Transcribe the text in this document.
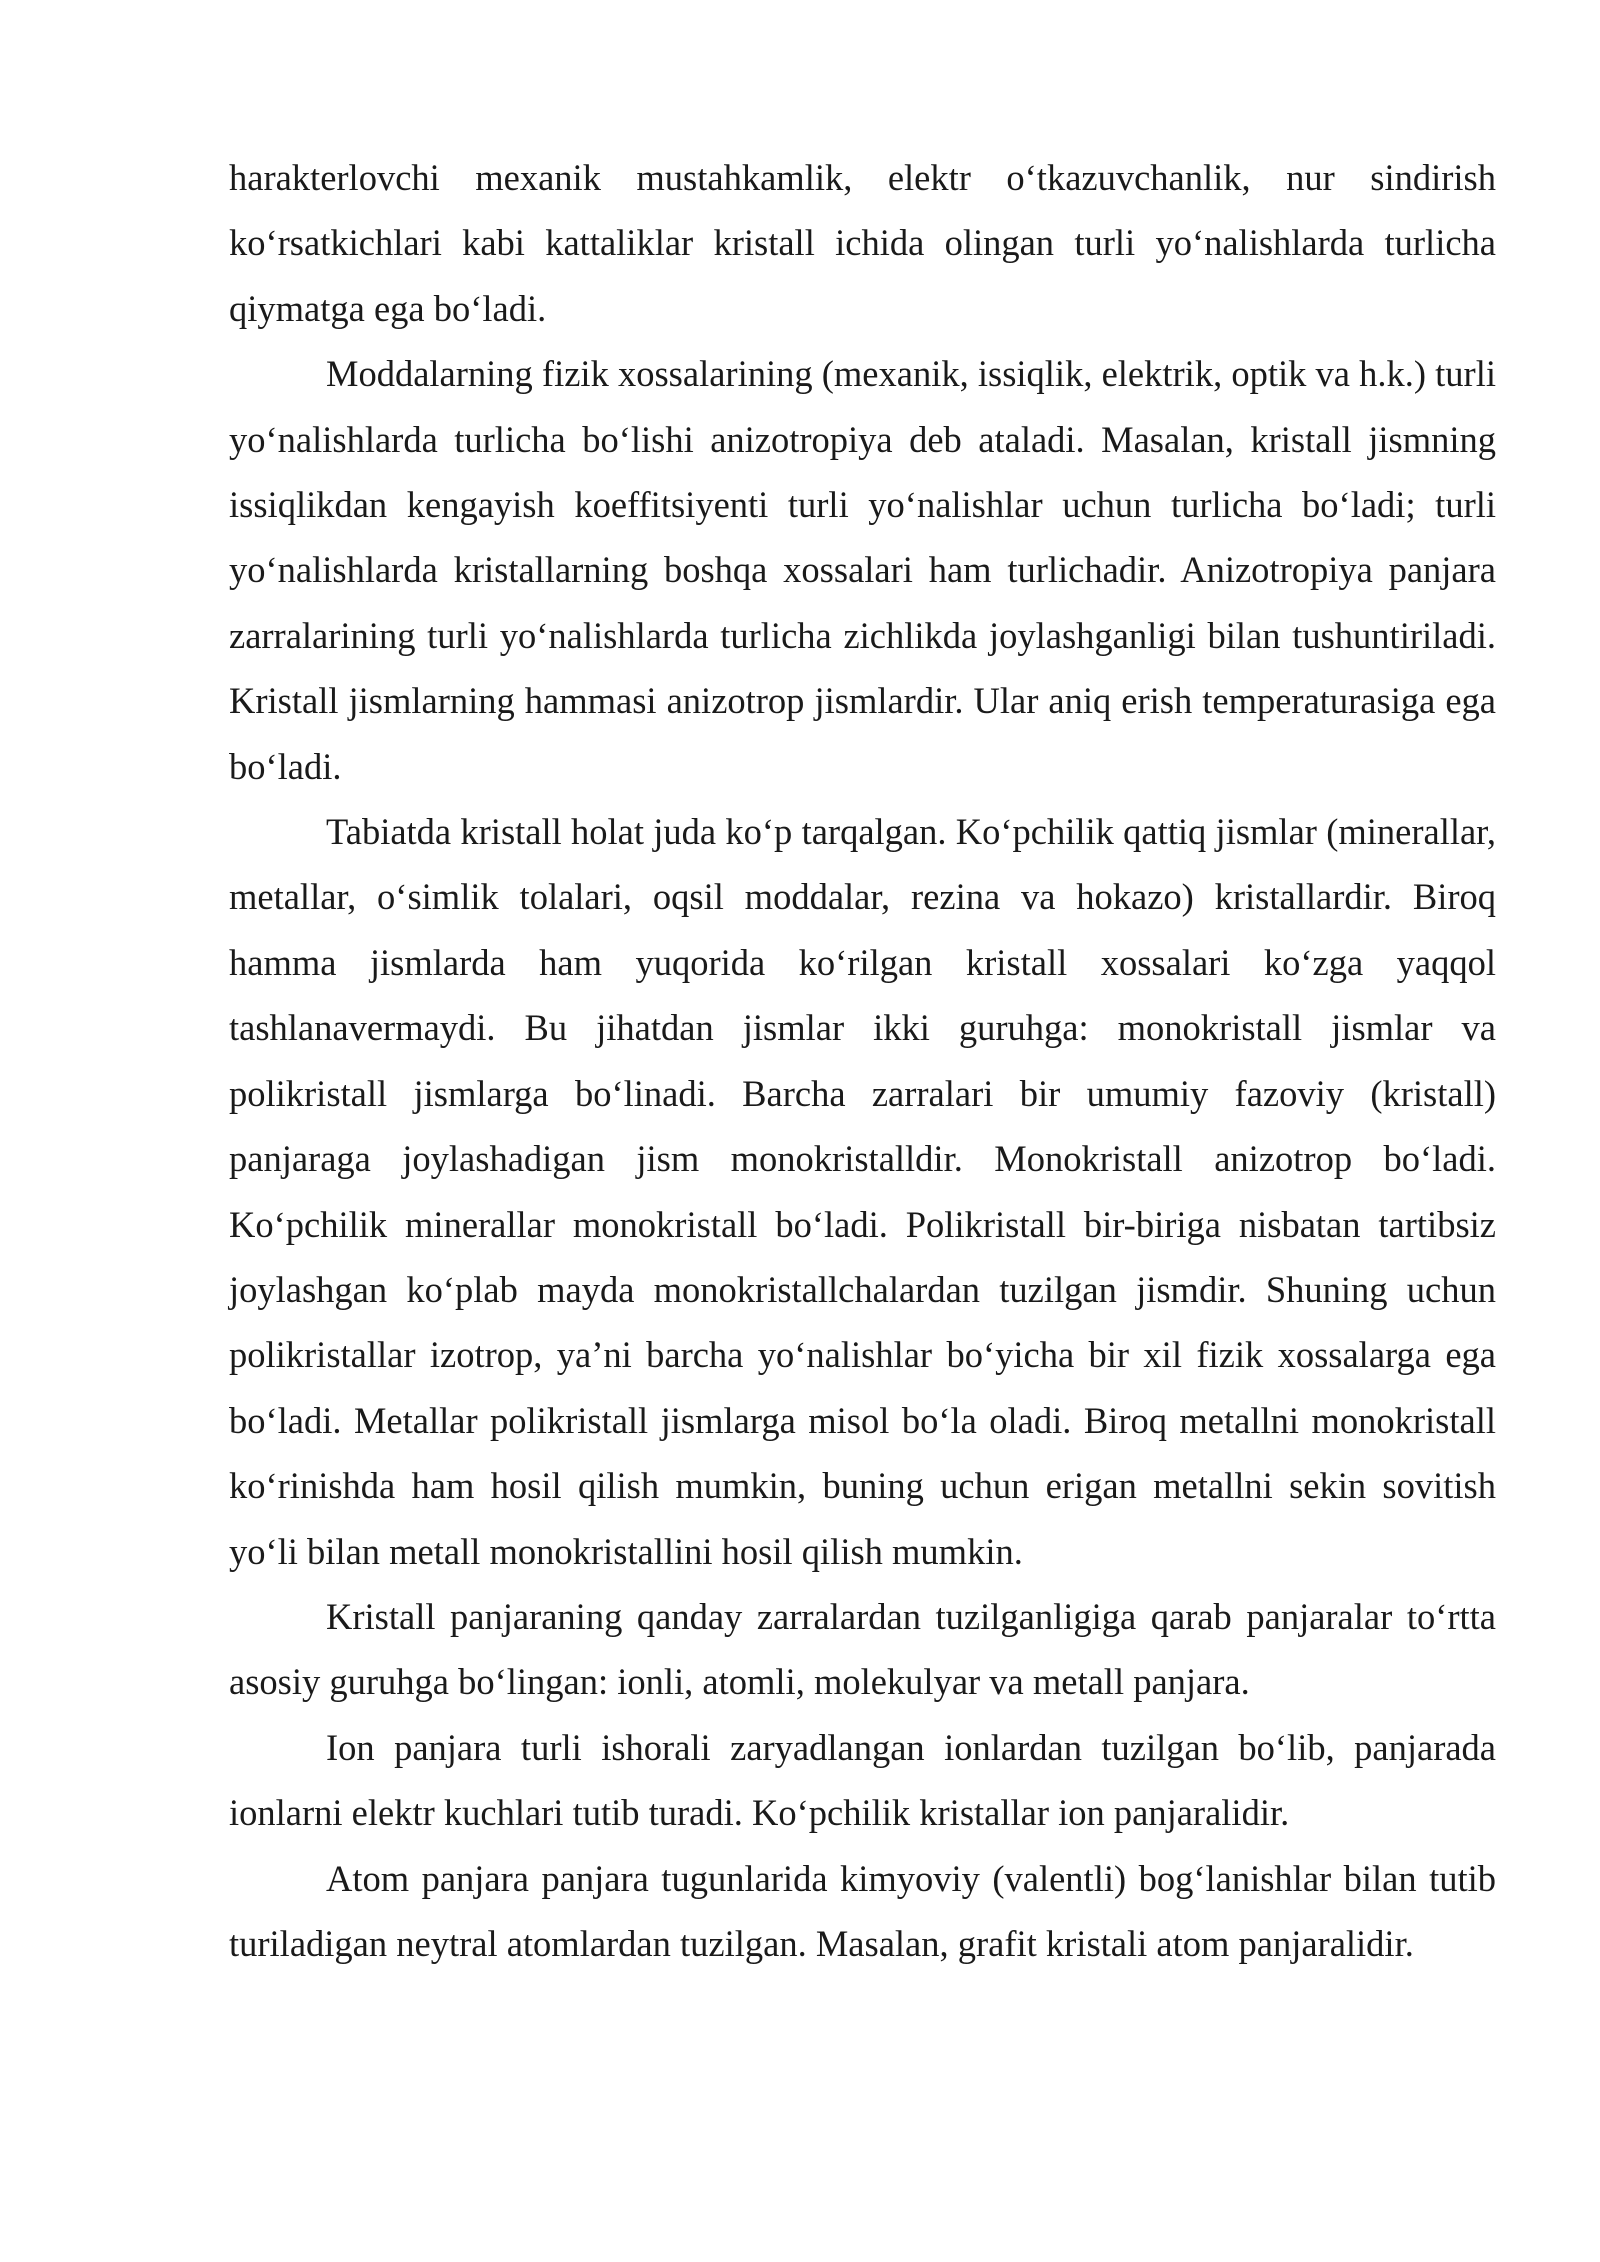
harakterlovchi mexanik mustahkamlik, elektr o‘tkazuvchanlik, nur sindirish ko‘rsatkichlari kabi kattaliklar kristall ichida olingan turli yo‘nalishlarda turlicha qiymatga ega bo‘ladi.

Moddalarning fizik xossalarining (mexanik, issiqlik, elektrik, optik va h.k.) turli yo‘nalishlarda turlicha bo‘lishi anizotropiya deb ataladi. Masalan, kristall jismning issiqlikdan kengayish koeffitsiyenti turli yo‘nalishlar uchun turlicha bo‘ladi; turli yo‘nalishlarda kristallarning boshqa xossalari ham turlichadir. Anizotropiya panjara zarralarining turli yo‘nalishlarda turlicha zichlikda joylashganligi bilan tushuntiriladi. Kristall jismlarning hammasi anizotrop jismlardir. Ular aniq erish temperaturasiga ega bo‘ladi.

Tabiatda kristall holat juda ko‘p tarqalgan. Ko‘pchilik qattiq jismlar (minerallar, metallar, o‘simlik tolalari, oqsil moddalar, rezina va hokazo) kristallardir. Biroq hamma jismlarda ham yuqorida ko‘rilgan kristall xossalari ko‘zga yaqqol tashlanavermaydi. Bu jihatdan jismlar ikki guruhga: monokristall jismlar va polikristall jismlarga bo‘linadi. Barcha zarralari bir umumiy fazoviy (kristall) panjaraga joylashadigan jism monokristalldir. Monokristall anizotrop bo‘ladi. Ko‘pchilik minerallar monokristall bo‘ladi. Polikristall bir-biriga nisbatan tartibsiz joylashgan ko‘plab mayda monokristallchalardan tuzilgan jismdir. Shuning uchun polikristallar izotrop, ya’ni barcha yo‘nalishlar bo‘yicha bir xil fizik xossalarga ega bo‘ladi. Metallar polikristall jismlarga misol bo‘la oladi. Biroq metallni monokristall ko‘rinishda ham hosil qilish mumkin, buning uchun erigan metallni sekin sovitish yo‘li bilan metall monokristallini hosil qilish mumkin.

Kristall panjaraning qanday zarralardan tuzilganligiga qarab panjaralar to‘rtta asosiy guruhga bo‘lingan: ionli, atomli, molekulyar va metall panjara.

Ion panjara turli ishorali zaryadlangan ionlardan tuzilgan bo‘lib, panjarada ionlarni elektr kuchlari tutib turadi. Ko‘pchilik kristallar ion panjaralidir.

Atom panjara panjara tugunlarida kimyoviy (valentli) bog‘lanishlar bilan tutib turiladigan neytral atomlardan tuzilgan. Masalan, grafit kristali atom panjaralidir.
